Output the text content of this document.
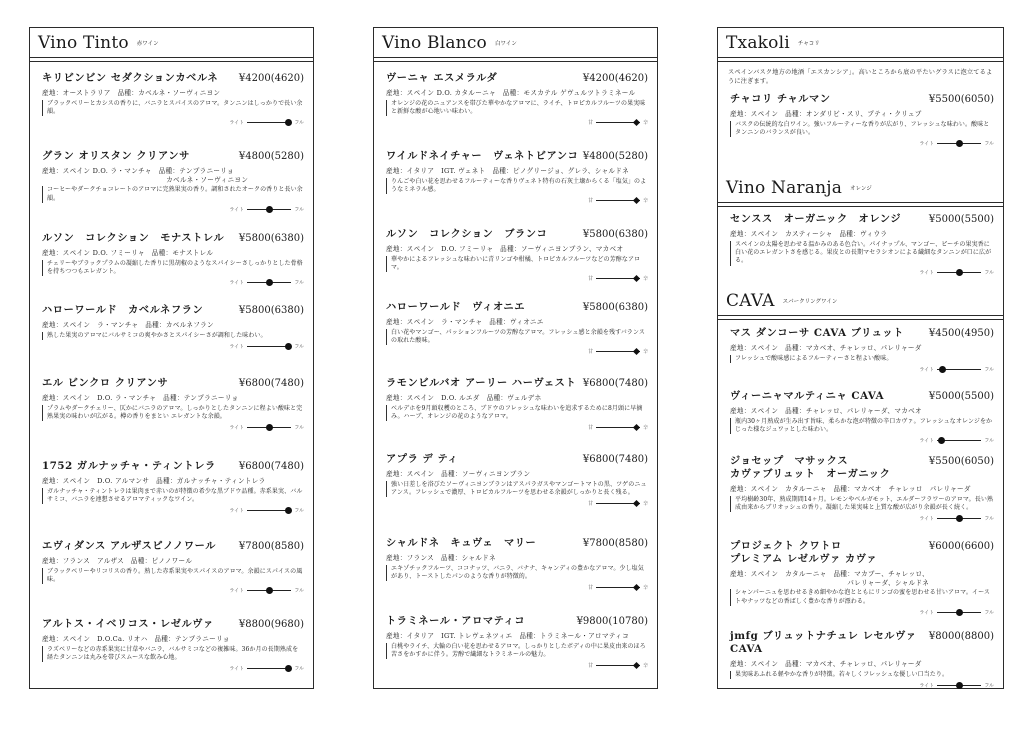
Vino Tinto 赤ワイン
キリビンビン セダクションカベルネ ¥4200(4620)
産地：オーストラリア　品種：カベルネ・ソーヴィニヨン
ブラックベリーとカシスの香りに、バニラとスパイスのアロマ。タンニンはしっかりで長い余韻。
ライト	フル
グラン オリスタン クリアンサ	¥4800(5280)
産地：スペイン D.O. ラ・マンチャ　品種：テンプラニーリョ
　　　　　　　　　　　　　　　　　　カベルネ・ソーヴィニヨン
コーヒーやダークチョコレートのアロマに完熟果実の香り。調和されたオークの香りと長い余韻。
ライト	フル
ルソン　コレクション　モナストレル ¥5800(6380)
産地：スペイン D.O. フミーリャ　品種：モナストレル
チェリーやブラックプラムの凝縮した香りに黒胡椒のようなスパイシーさしっかりとした骨格を持ちつつもエレガント。
ライト	フル
ハローワールド　カベルネフラン	¥5800(6380)
産地：スペイン　ラ・マンチャ　品種：カベルネフラン
熟した果実のアロマにバルサミコの爽やかさとスパイシーさが調和した味わい。
ライト	フル
エル ビンクロ クリアンサ	¥6800(7480)
産地：スペイン　D.O. ラ・マンチャ　品種：テンプラニーリョ
プラムやダークチェリー、仄かにバニラのアロマ。しっかりとしたタンニンに程よい酸味と完熟果実の味わいが広がる。樽の香りをまとい エレガントな余韻。
ライト	フル
1752 ガルナッチャ・ティントレラ ¥6800(7480)
産地：スペイン　D.O. アルマンサ　品種：ガルナッチャ・ティントレラ
ガルナッチャ・ティントレラは果肉まで赤いのが特徴の希少な黒ブドウ品種。赤系果実、バルサミコ、バニラを連想させるアロマティックなワイン。
ライト	フル
エヴィダンス アルザスピノノワール ¥7800(8580)
産地：フランス　アルザス　品種：ピノノワール
ブラックベリーやリコリスの香り。熟した赤系果実やスパイスのアロマ。余韻にスパイスの風味。
ライト	フル
アルトス・イベリコス・レゼルヴァ	¥8800(9680)
産地：スペイン　D.O.Ca. リオハ　品種：テンプラニーリョ
ラズベリーなどの赤系果実に甘草やバニラ、バルサミコなどの複雑味。36か月の長期熟成を経たタンニンは丸みを帯びスムースな飲み心地。
ライト	フル
Vino Blanco 白ワイン
ヴーニャ エスメラルダ	¥4200(4620)
産地：スペイン D.O. カタルーニャ　品種：モスカテル ゲヴュルツトラミネール
オレンジの花のニュアンスを帯びた華やかなアロマに、ライチ、トロピカルフルーツの果実味と新鮮な酸が心地いい味わい。
甘	辛
ワイルドネイチャー　ヴェネトビアンコ ¥4800(5280)
産地：イタリア　IGT. ヴェネト　品種：ピノグリージョ、グレラ、シャルドネ
りんごや白い花を思わせるフルーティーな香りヴェネト特有の石灰土壌からくる「塩気」のようなミネラル感。
甘	辛
ルソン　コレクション　ブランコ	¥5800(6380)
産地：スペイン　D.O. フミーリャ　品種：ソーヴィニヨンブラン、マカベオ
華やかによるフレッシュな味わいに青リンゴや柑橘、トロピカルフルーツなどの芳醇なアロマ。
甘	辛
ハローワールド　ヴィオニエ	¥5800(6380)
産地：スペイン　ラ・マンチャ　品種：ヴィオニエ
白い花やマンゴー、パッションフルーツの芳醇なアロマ。フレッシュ感と余韻を残すバランスの取れた酸味。
甘	辛
ラモンビルバオ アーリー ハーヴェスト ¥6800(7480)
産地：スペイン　D.O. ルエダ　品種：ヴェルデホ
ベルデホを9月頭収穫のところ、ブドウのフレッシュな味わいを追求するために8月頭に早摘み。ハーブ、オレンジの花のようなアロマ。
甘	辛
アプラ デ ティ	¥6800(7480)
産地：スペイン　品種：ソーヴィニヨンブラン
強い日差しを浴びたソーヴィニヨンブランはアスパラガスやマンゴートマトの黒、ツゲのニュアンス。フレッシュで濃厚、トロピカルフルーツを思わせる余韻がしっかりと長く残る。
甘	辛
シャルドネ　キュヴェ　マリー	¥7800(8580)
産地：フランス　品種：シャルドネ
エキゾチックフルーツ、ココナッツ、バニラ、バナナ、キャンディの豊かなアロマ。少し塩気があり、トーストしたパンのような香りが特徴的。
甘	辛
トラミネール・アロマティコ	¥9800(10780)
産地：イタリア　IGT. トレヴェネツィエ　品種：トラミネール・アロマティコ
白桃やライチ、大輪の白い花を思わせるアロマ。しっかりとしたボディの中に果皮由来のほろ苦さをかすかに伴う。芳醇で繊細なトラミネールの魅力。
甘	辛
Txakoli チャコリ
スペインバスク地方の地酒「エスカンシア」。高いところから底の平たいグラスに泡立てるように注ぎます。
Vino Naranja オレンジ
CAVA スパークリングワイン
チャコリ チャルマン	¥5500(6050)
産地：スペイン　品種：オンダリビ・スリ、プティ・クリュブ
バスクの伝統的な白ワイン。強いフルーティーな香りが広がり、フレッシュな味わい。酸味とタンニンのバランスが良い。
ライト	フル
センスス　オーガニック　オレンジ	¥5000(5500)
産地：スペイン　カスティーシャ　品種：ヴィウラ
スペインの太陽を思わせる温かみのある色合い。パイナップル、マンゴー、ピーチの果実香に白い花のエレガントさを感じる。果皮との長期マセラシオンによる繊細なタンニンが口に広がる。
ライト	フル
マス ダンコーサ CAVA ブリュット ¥4500(4950)
産地：スペイン　品種：マカベオ、チャレッロ、パレリャーダ
フレッシュで酸味感によるフルーティーさと程よい酸味。
ライト	フル
ヴィーニャマルティニャ CAVA	¥5000(5500)
産地：スペイン　品種：チャレッロ、パレリャーダ、マカベオ
瓶内30ヶ月熟成が生み出す旨味、柔らかな泡が特徴の辛口カヴァ。フレッシュなオレンジをかじった様なジュワッとした味わい。
ライト	フル
ジョセップ　マサックス
カヴァブリュット　オーガニック
¥5500(6050)
産地：スペイン　カタルーニャ　品種：マカベオ　チャレッロ　パレリャーダ
平均樹齢30年、熟成期間14ヶ月。レモンやベルガモット、エルダーフラワーのアロマ。長い熟成由来からブリオッシュの香り。凝縮した果実味と上質な酸が広がり余韻が長く続く。
ライト	フル
プロジェクト クワトロ
プレミアム レゼルヴァ カヴァ
¥6000(6600)
産地：スペイン　カタルーニャ　品種：マカブー、チャレッロ、
　　　　　　　　　　　　　　　　　パレリャーダ、シャルドネ
シャンパーニュを思わせるきめ細やかな泡とともにリンゴの蜜を思わせる甘いアロマ。イーストやナッツなどの香ばしく豊かな香りが漂わる。
ライト	フル
jmfg ブリュットナチュレ レセルヴァ CAVA
¥8000(8800)
産地：スペイン　品種：マカベオ、チャレッロ、パレリャーダ
果実味あふれる軽やかな香りが特徴。若々しくフレッシュな優しい口当たり。
ライト	フル
